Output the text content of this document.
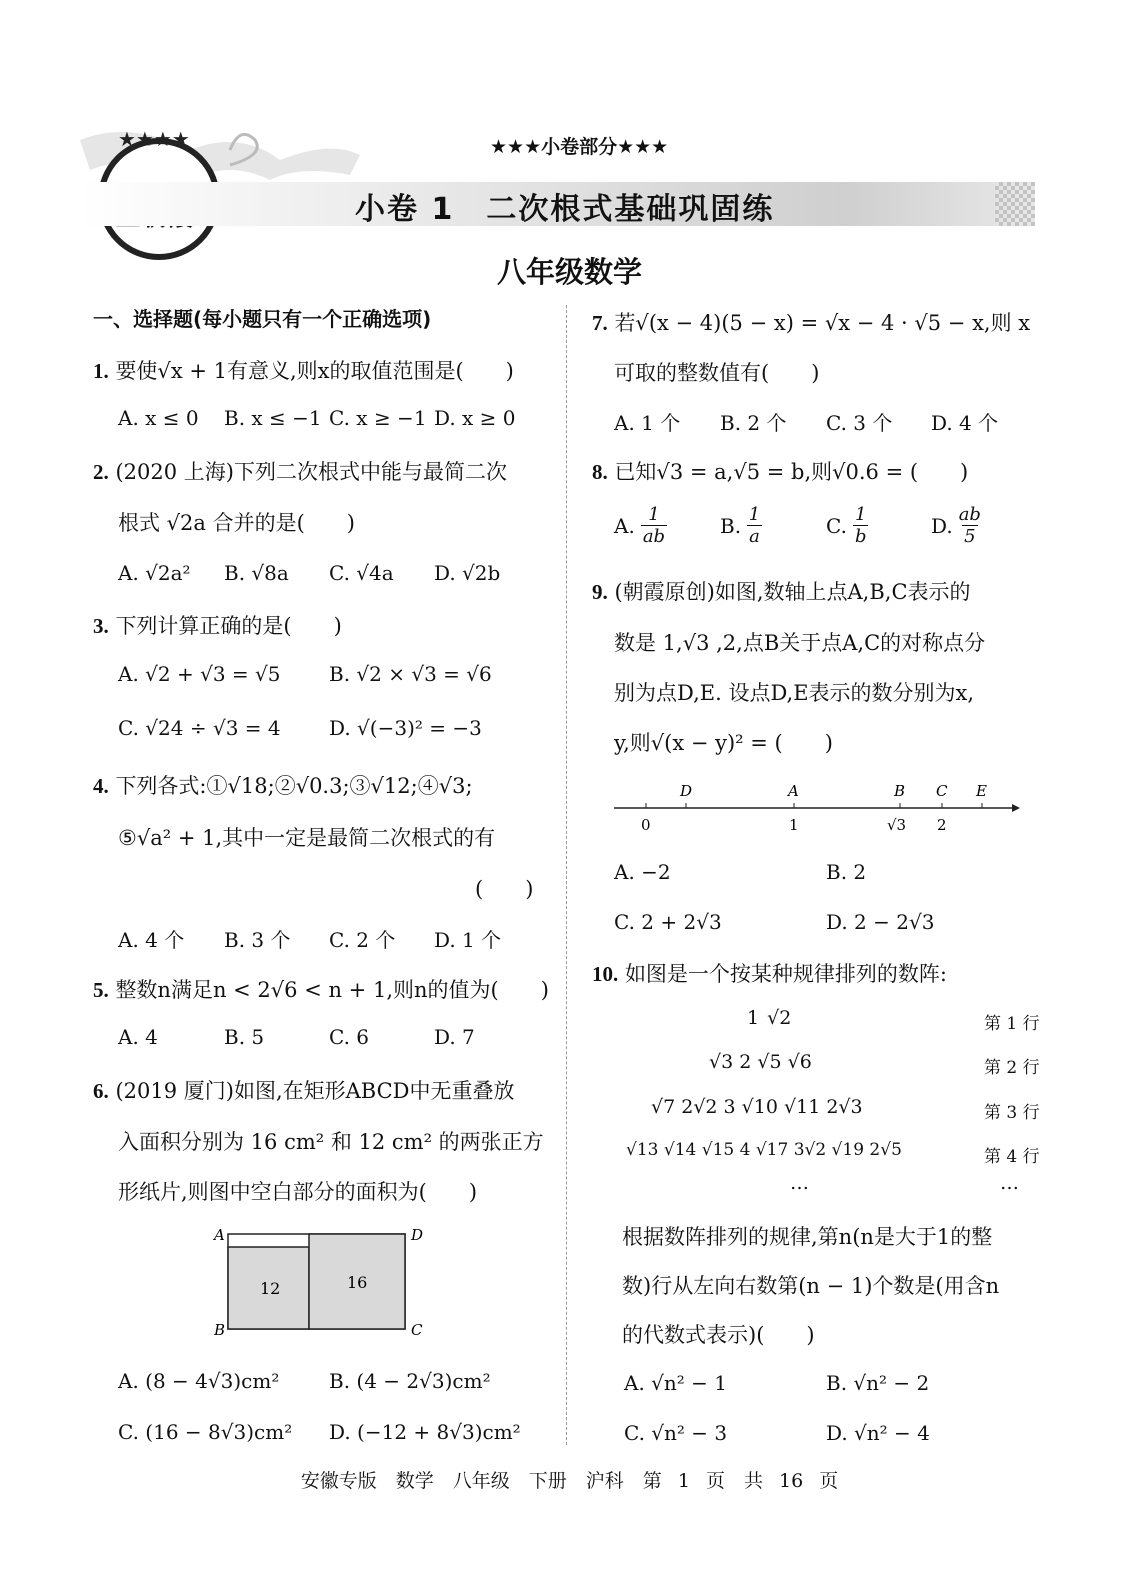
★★★★	★★★小卷部分★★★
小卷 1　二次根式基础巩固练
八年级数学
一、选择题(每小题只有一个正确选项)
1. 要使√x + 1有意义,则x的取值范围是(　　)
A. x ≤ 0 B. x ≤ −1 C. x ≥ −1 D. x ≥ 0
2. (2020 上海)下列二次根式中能与最简二次
根式 √2a 合并的是(　　)
A. √2a² B. √8a C. √4a D. √2b
3. 下列计算正确的是(　　)
A. √2 + √3 = √5 B. √2 × √3 = √6
C. √24 ÷ √3 = 4 D. √(−3)² = −3
4. 下列各式:①√18;②√0.3;③√12;④√3;
⑤√a² + 1,其中一定是最简二次根式的有
(　　)
A. 4 个 B. 3 个 C. 2 个 D. 1 个
5. 整数n满足n < 2√6 < n + 1,则n的值为(　　)
A. 4	B. 5	C. 6	D. 7
6. (2019 厦门)如图,在矩形ABCD中无重叠放
入面积分别为 16 cm² 和 12 cm² 的两张正方
形纸片,则图中空白部分的面积为(　　)
A	D
B	C
12	16
A. (8 − 4√3)cm² B. (4 − 2√3)cm²
C. (16 − 8√3)cm² D. (−12 + 8√3)cm²
7. 若√(x − 4)(5 − x) = √x − 4 · √5 − x,则 x
可取的整数值有(　　)
A. 1 个 B. 2 个 C. 3 个 D. 4 个
8. 已知√3 = a,√5 = b,则√0.6 = (　　)
A. $\frac{1}{ab}$	B. $\frac{1}{a}$	C. $\frac{1}{b}$	D. $\frac{ab}{5}$
9. (朝霞原创)如图,数轴上点A,B,C表示的
数是 1,√3 ,2,点B关于点A,C的对称点分
别为点D,E. 设点D,E表示的数分别为x,
y,则√(x − y)² = (　　)
D	A	B C E
0	1	√3 2
A. −2	B. 2
C. 2 + 2√3	D. 2 − 2√3
10. 如图是一个按某种规律排列的数阵:
1 √2	第 1 行
√3 2 √5 √6	第 2 行
√7 2√2 3 √10 √11 2√3	第 3 行
√13 √14 √15 4 √17 3√2 √19 2√5	第 4 行
…	…
根据数阵排列的规律,第n(n是大于1的整
数)行从左向右数第(n − 1)个数是(用含n
的代数式表示)(　　)
A. √n² − 1	B. √n² − 2
C. √n² − 3	D. √n² − 4
安徽专版　数学　八年级　下册　沪科　第 1 页　共 16 页
